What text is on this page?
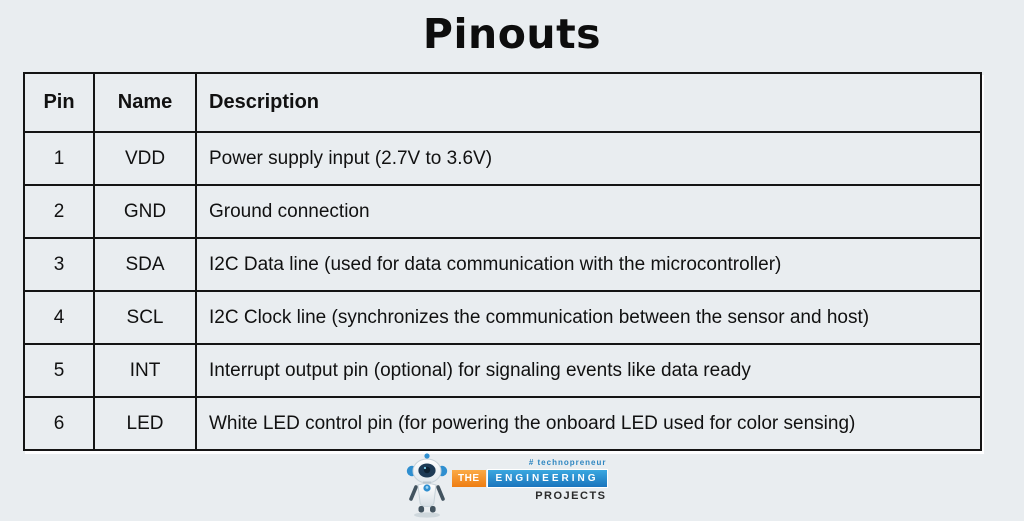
Pinouts
Pin	Name	Description
1	VDD	Power supply input (2.7V to 3.6V)
2	GND	Ground connection
3	SDA	I2C Data line (used for data communication with the microcontroller)
4	SCL	I2C Clock line (synchronizes the communication between the sensor and host)
5	INT	Interrupt output pin (optional) for signaling events like data ready
6	LED	White LED control pin (for powering the onboard LED used for color sensing)
# technopreneur
THE	ENGINEERING
PROJECTS
